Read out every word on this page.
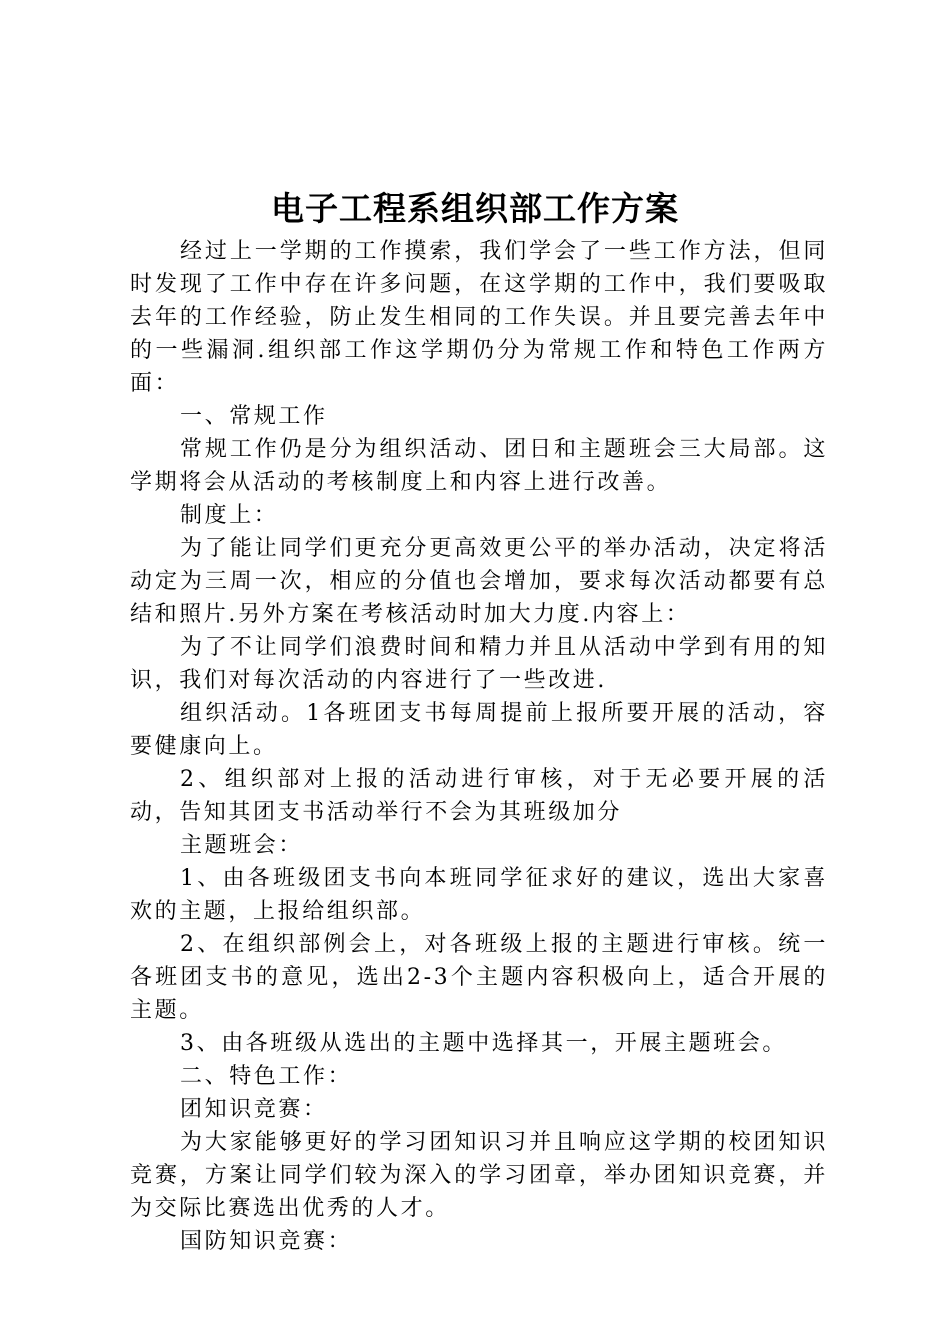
电子工程系组织部工作方案

经过上一学期的工作摸索，我们学会了一些工作方法，但同时发现了工作中存在许多问题，在这学期的工作中，我们要吸取去年的工作经验，防止发生相同的工作失误。并且要完善去年中的一些漏洞.组织部工作这学期仍分为常规工作和特色工作两方面：

一、常规工作

常规工作仍是分为组织活动、团日和主题班会三大局部。这学期将会从活动的考核制度上和内容上进行改善。

制度上：

为了能让同学们更充分更高效更公平的举办活动，决定将活动定为三周一次，相应的分值也会增加，要求每次活动都要有总结和照片.另外方案在考核活动时加大力度.内容上：

为了不让同学们浪费时间和精力并且从活动中学到有用的知识，我们对每次活动的内容进行了一些改进.

组织活动。1各班团支书每周提前上报所要开展的活动，容要健康向上。

2、组织部对上报的活动进行审核，对于无必要开展的活动，告知其团支书活动举行不会为其班级加分

主题班会：

1、由各班级团支书向本班同学征求好的建议，选出大家喜欢的主题，上报给组织部。

2、在组织部例会上，对各班级上报的主题进行审核。统一各班团支书的意见，选出2-3个主题内容积极向上，适合开展的主题。

3、由各班级从选出的主题中选择其一，开展主题班会。

二、特色工作：

团知识竞赛：

为大家能够更好的学习团知识习并且响应这学期的校团知识竞赛，方案让同学们较为深入的学习团章，举办团知识竞赛，并为交际比赛选出优秀的人才。

国防知识竞赛：
